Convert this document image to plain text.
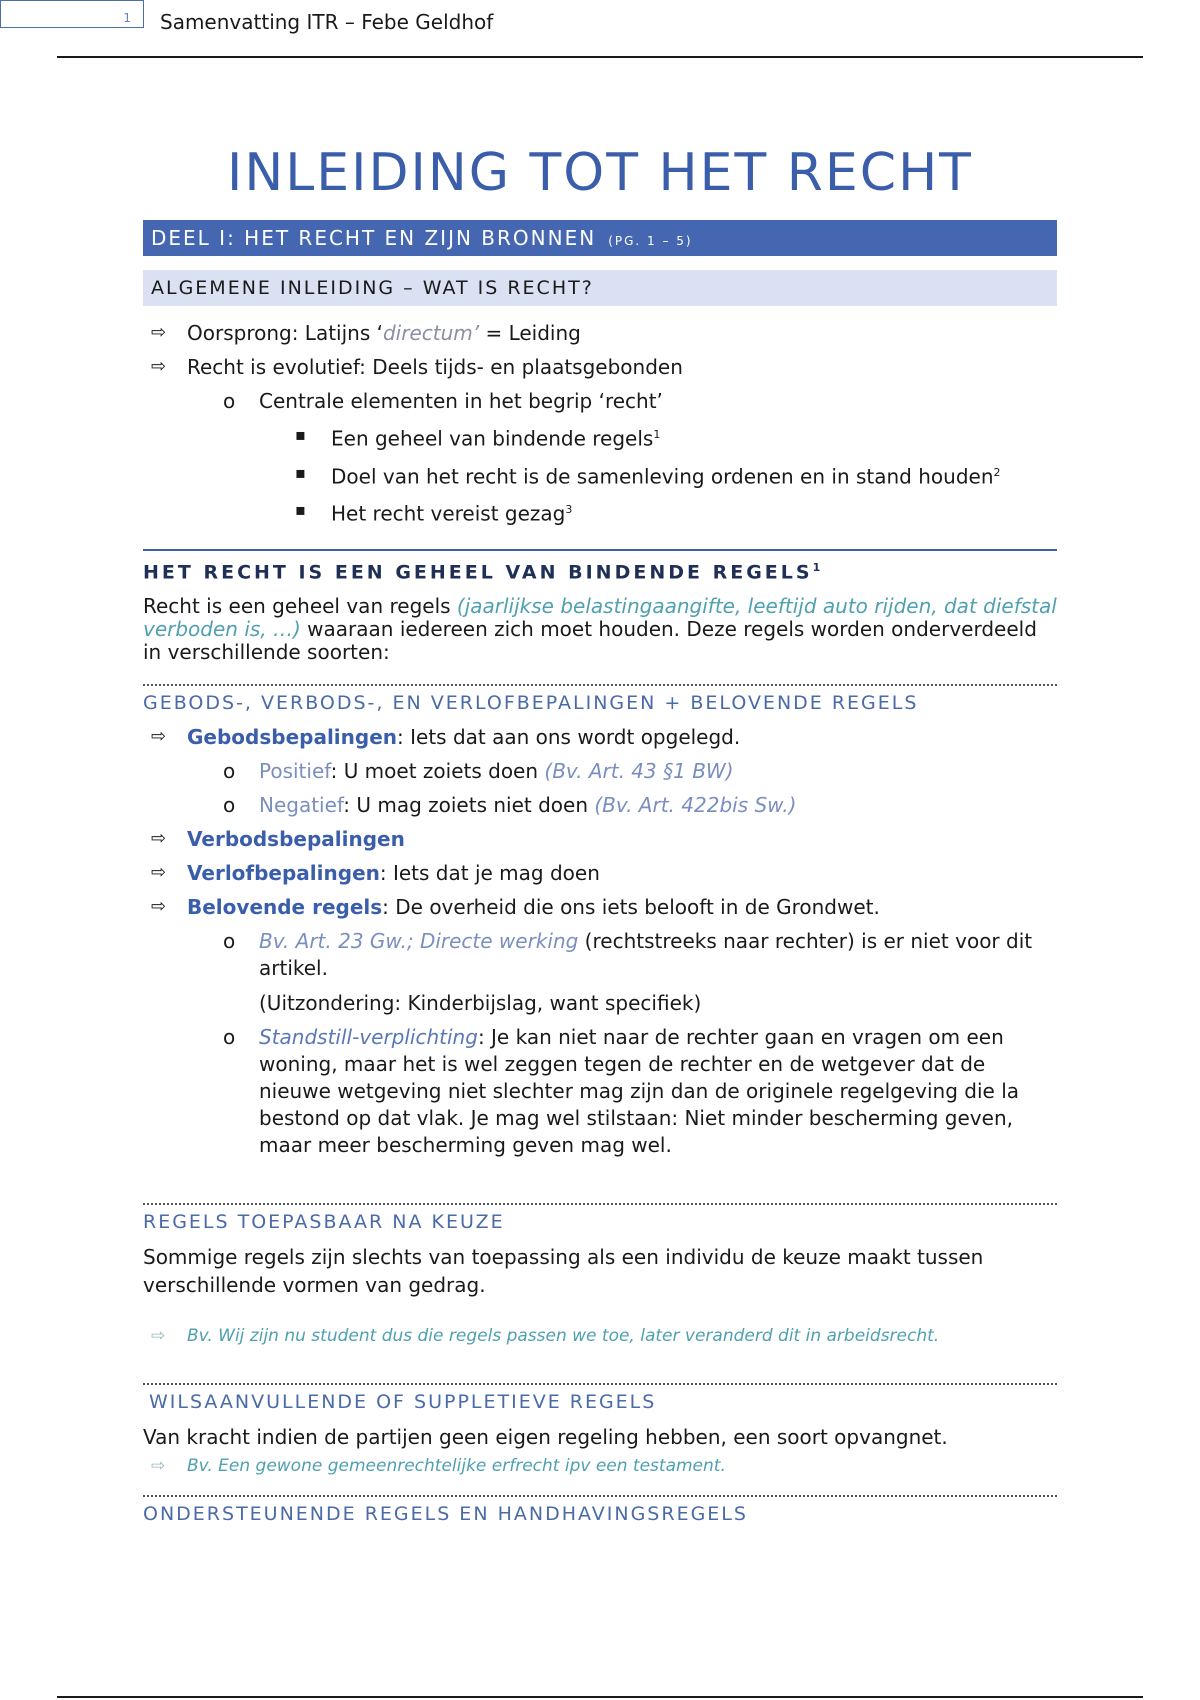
1	Samenvatting ITR – Febe Geldhof
INLEIDING TOT HET RECHT
DEEL I: HET RECHT EN ZIJN BRONNEN (PG. 1 – 5)
ALGEMENE INLEIDING – WAT IS RECHT?
⇨ Oorsprong: Latijns ‘directum’ = Leiding
⇨ Recht is evolutief: Deels tijds- en plaatsgebonden
o Centrale elementen in het begrip ‘recht’
▪ Een geheel van bindende regels$^1$
▪ Doel van het recht is de samenleving ordenen en in stand houden$^2$
▪ Het recht vereist gezag$^3$
HET RECHT IS EEN GEHEEL VAN BINDENDE REGELS$^1$
Recht is een geheel van regels (jaarlijkse belastingaangifte, leeftijd auto rijden, dat diefstal verboden is, …) waaraan iedereen zich moet houden. Deze regels worden onderverdeeld in verschillende soorten:
GEBODS-, VERBODS-, EN VERLOFBEPALINGEN + BELOVENDE REGELS
⇨ Gebodsbepalingen: Iets dat aan ons wordt opgelegd.
o Positief: U moet zoiets doen (Bv. Art. 43 §1 BW)
o Negatief: U mag zoiets niet doen (Bv. Art. 422bis Sw.)
⇨ Verbodsbepalingen
⇨ Verlofbepalingen: Iets dat je mag doen
⇨ Belovende regels: De overheid die ons iets belooft in de Grondwet.
o Bv. Art. 23 Gw.; Directe werking (rechtstreeks naar rechter) is er niet voor dit artikel.
(Uitzondering: Kinderbijslag, want specifiek)
o Standstill-verplichting: Je kan niet naar de rechter gaan en vragen om een woning, maar het is wel zeggen tegen de rechter en de wetgever dat de nieuwe wetgeving niet slechter mag zijn dan de originele regelgeving die la bestond op dat vlak. Je mag wel stilstaan: Niet minder bescherming geven, maar meer bescherming geven mag wel.
REGELS TOEPASBAAR NA KEUZE
Sommige regels zijn slechts van toepassing als een individu de keuze maakt tussen verschillende vormen van gedrag.
⇨ Bv. Wij zijn nu student dus die regels passen we toe, later veranderd dit in arbeidsrecht.
WILSAANVULLENDE OF SUPPLETIEVE REGELS
Van kracht indien de partijen geen eigen regeling hebben, een soort opvangnet.
⇨ Bv. Een gewone gemeenrechtelijke erfrecht ipv een testament.
ONDERSTEUNENDE REGELS EN HANDHAVINGSREGELS
